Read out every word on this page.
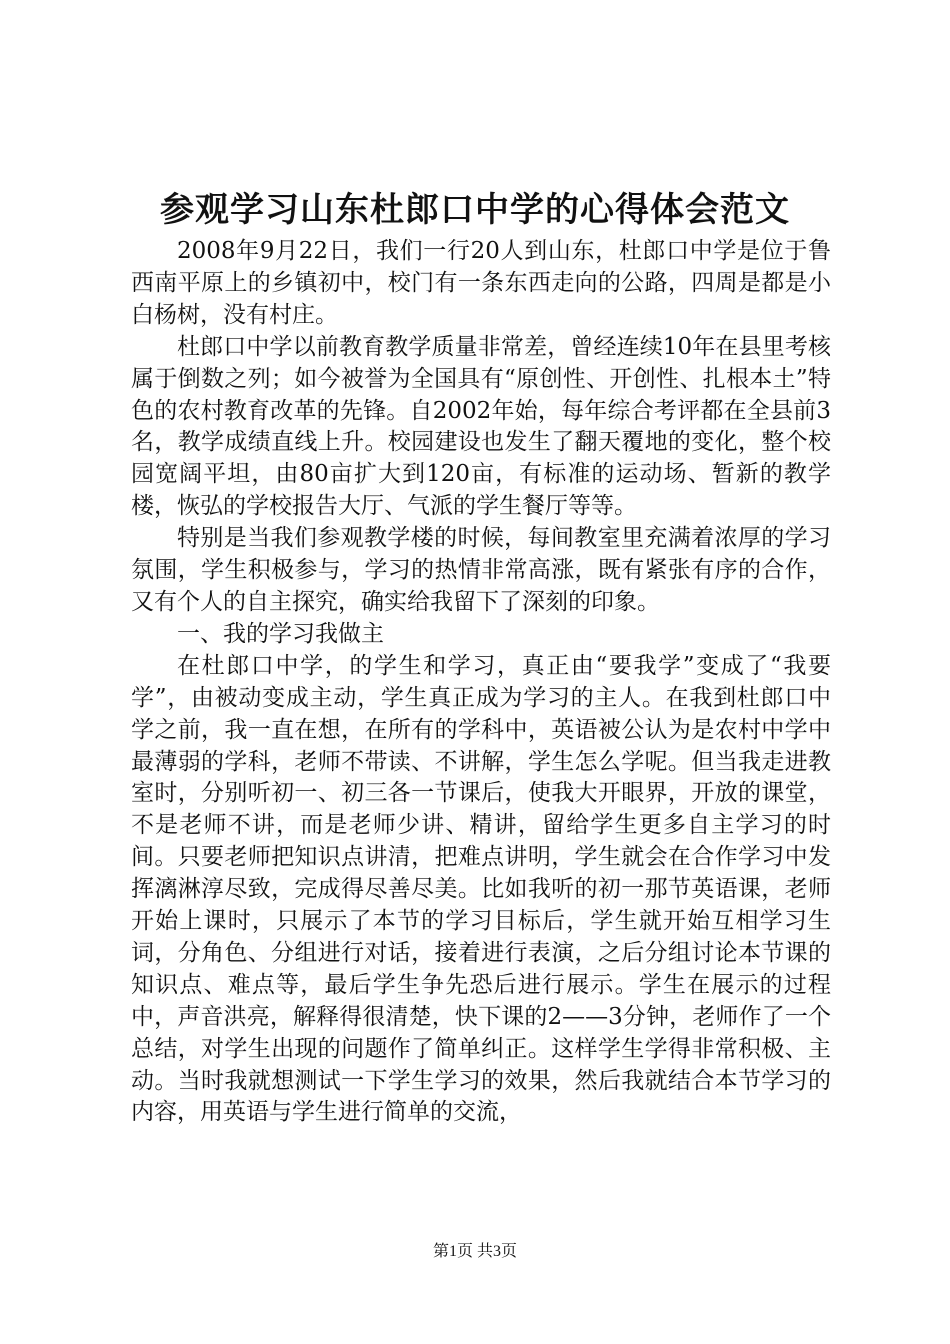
参观学习山东杜郎口中学的心得体会范文

2008年9月22日，我们一行20人到山东，杜郎口中学是位于鲁西南平原上的乡镇初中，校门有一条东西走向的公路，四周是都是小白杨树，没有村庄。

杜郎口中学以前教育教学质量非常差，曾经连续10年在县里考核属于倒数之列；如今被誉为全国具有“原创性、开创性、扎根本土”特色的农村教育改革的先锋。自2002年始，每年综合考评都在全县前3名，教学成绩直线上升。校园建设也发生了翻天覆地的变化，整个校园宽阔平坦，由80亩扩大到120亩，有标准的运动场、暂新的教学楼，恢弘的学校报告大厅、气派的学生餐厅等等。

特别是当我们参观教学楼的时候，每间教室里充满着浓厚的学习氛围，学生积极参与，学习的热情非常高涨，既有紧张有序的合作，又有个人的自主探究，确实给我留下了深刻的印象。

一、我的学习我做主

在杜郎口中学，的学生和学习，真正由“要我学”变成了“我要学”，由被动变成主动，学生真正成为学习的主人。在我到杜郎口中学之前，我一直在想，在所有的学科中，英语被公认为是农村中学中最薄弱的学科，老师不带读、不讲解，学生怎么学呢。但当我走进教室时，分别听初一、初三各一节课后，使我大开眼界，开放的课堂，不是老师不讲，而是老师少讲、精讲，留给学生更多自主学习的时间。只要老师把知识点讲清，把难点讲明，学生就会在合作学习中发挥漓淋淳尽致，完成得尽善尽美。比如我听的初一那节英语课，老师开始上课时，只展示了本节的学习目标后，学生就开始互相学习生词，分角色、分组进行对话，接着进行表演，之后分组讨论本节课的知识点、难点等，最后学生争先恐后进行展示。学生在展示的过程中，声音洪亮，解释得很清楚，快下课的2——3分钟，老师作了一个总结，对学生出现的问题作了简单纠正。这样学生学得非常积极、主动。当时我就想测试一下学生学习的效果，然后我就结合本节学习的内容，用英语与学生进行简单的交流，

第1页 共3页
